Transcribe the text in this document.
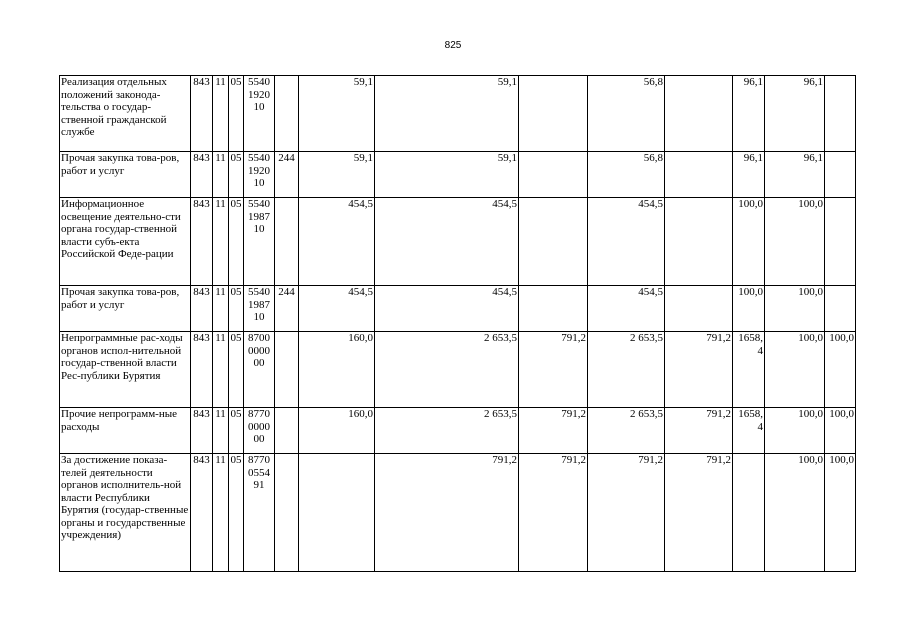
825
Реализация отдельных положений законода-тельства о государ-ственной гражданской службе	843	11	05	5540
1920
10		59,1	59,1		56,8		96,1	96,1	
Прочая закупка това-ров, работ и услуг	843	11	05	5540
1920
10	244	59,1	59,1		56,8		96,1	96,1	
Информационное освещение деятельно-сти органа государ-ственной власти субъ-екта Российской Феде-рации	843	11	05	5540
1987
10		454,5	454,5		454,5		100,0	100,0	
Прочая закупка това-ров, работ и услуг	843	11	05	5540
1987
10	244	454,5	454,5		454,5		100,0	100,0	
Непрограммные рас-ходы органов испол-нительной государ-ственной власти Рес-публики Бурятия	843	11	05	8700
0000
00		160,0	2 653,5	791,2	2 653,5	791,2	1658,
4	100,0	100,0
Прочие непрограмм-ные расходы	843	11	05	8770
0000
00		160,0	2 653,5	791,2	2 653,5	791,2	1658,
4	100,0	100,0
За достижение показа-телей деятельности органов исполнитель-ной власти Республики Бурятия (государ-ственные органы и государственные учреждения)	843	11	05	8770
0554
91			791,2	791,2	791,2	791,2		100,0	100,0
